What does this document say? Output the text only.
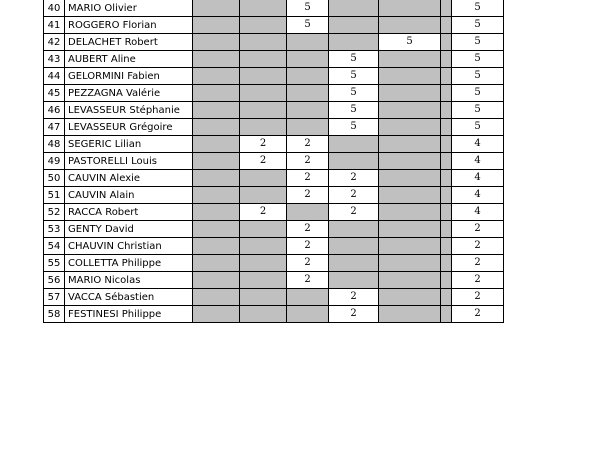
40	MARIO Olivier			5				5
41	ROGGERO Florian			5				5
42	DELACHET Robert					5		5
43	AUBERT Aline				5			5
44	GELORMINI Fabien				5			5
45	PEZZAGNA Valérie				5			5
46	LEVASSEUR Stéphanie				5			5
47	LEVASSEUR Grégoire				5			5
48	SEGERIC Lilian		2	2				4
49	PASTORELLI Louis		2	2				4
50	CAUVIN Alexie			2	2			4
51	CAUVIN Alain			2	2			4
52	RACCA Robert		2		2			4
53	GENTY David			2				2
54	CHAUVIN Christian			2				2
55	COLLETTA Philippe			2				2
56	MARIO Nicolas			2				2
57	VACCA Sébastien				2			2
58	FESTINESI Philippe				2			2
